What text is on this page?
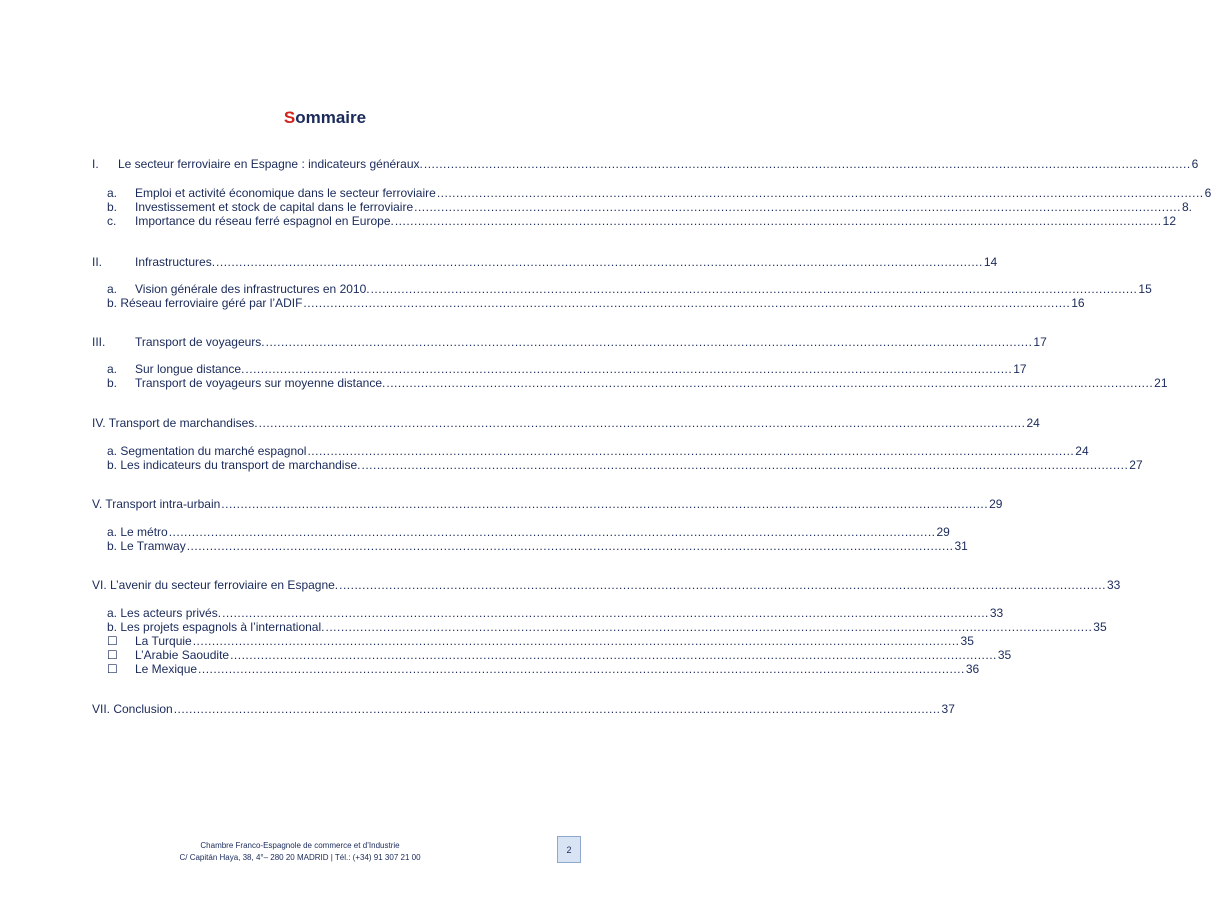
Sommaire
I.	Le secteur ferroviaire en Espagne : indicateurs généraux. ........................................................................................................................................................................................................ 6
a.	Emploi et activité économique dans le secteur ferroviaire ........................................................................................................................................................................................................ 6
b.	Investissement et stock de capital dans le ferroviaire ........................................................................................................................................................................................................ 8.
c.	Importance du réseau ferré espagnol en Europe. ........................................................................................................................................................................................................ 12
II.	Infrastructures. ........................................................................................................................................................................................................ 14
a.	Vision générale des infrastructures en 2010. ........................................................................................................................................................................................................ 15
b. Réseau ferroviaire géré par l’ADIF ........................................................................................................................................................................................................ 16
III.	Transport de voyageurs. ........................................................................................................................................................................................................ 17
a.	Sur longue distance. ........................................................................................................................................................................................................ 17
b.	Transport de voyageurs sur moyenne distance. ........................................................................................................................................................................................................ 21
IV. Transport de marchandises. ........................................................................................................................................................................................................ 24
a. Segmentation du marché espagnol ........................................................................................................................................................................................................ 24
b. Les indicateurs du transport de marchandise. ........................................................................................................................................................................................................ 27
V. Transport intra-urbain ........................................................................................................................................................................................................ 29
a. Le métro ........................................................................................................................................................................................................ 29
b. Le Tramway ........................................................................................................................................................................................................ 31
VI. L’avenir du secteur ferroviaire en Espagne. ........................................................................................................................................................................................................ 33
a. Les acteurs privés. ........................................................................................................................................................................................................ 33
b. Les projets espagnols à l’international. ........................................................................................................................................................................................................ 35
☐	La Turquie ........................................................................................................................................................................................................ 35
☐	L’Arabie Saoudite ........................................................................................................................................................................................................ 35
☐	Le Mexique ........................................................................................................................................................................................................ 36
VII. Conclusion ........................................................................................................................................................................................................ 37
Chambre Franco-Espagnole de commerce et d’Industrie
C/ Capitán Haya, 38, 4°– 280 20 MADRID | Tél.: (+34) 91 307 21 00
2
